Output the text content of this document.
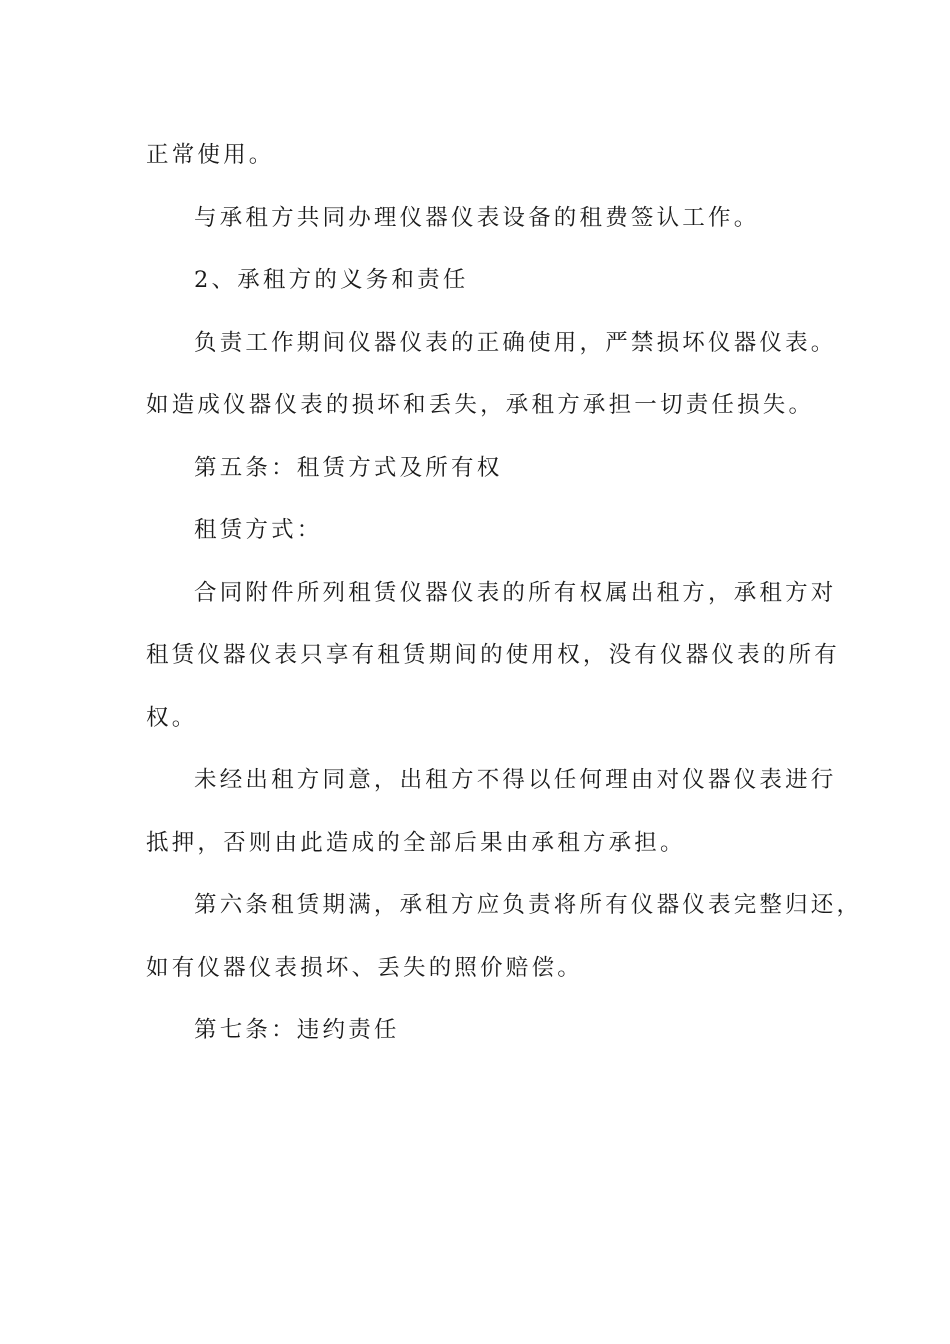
正常使用。
与承租方共同办理仪器仪表设备的租费签认工作。
2、承租方的义务和责任
负责工作期间仪器仪表的正确使用，严禁损坏仪器仪表。
如造成仪器仪表的损坏和丢失，承租方承担一切责任损失。
第五条：租赁方式及所有权
租赁方式：
合同附件所列租赁仪器仪表的所有权属出租方，承租方对
租赁仪器仪表只享有租赁期间的使用权，没有仪器仪表的所有
权。
未经出租方同意，出租方不得以任何理由对仪器仪表进行
抵押，否则由此造成的全部后果由承租方承担。
第六条租赁期满，承租方应负责将所有仪器仪表完整归还，
如有仪器仪表损坏、丢失的照价赔偿。
第七条：违约责任
